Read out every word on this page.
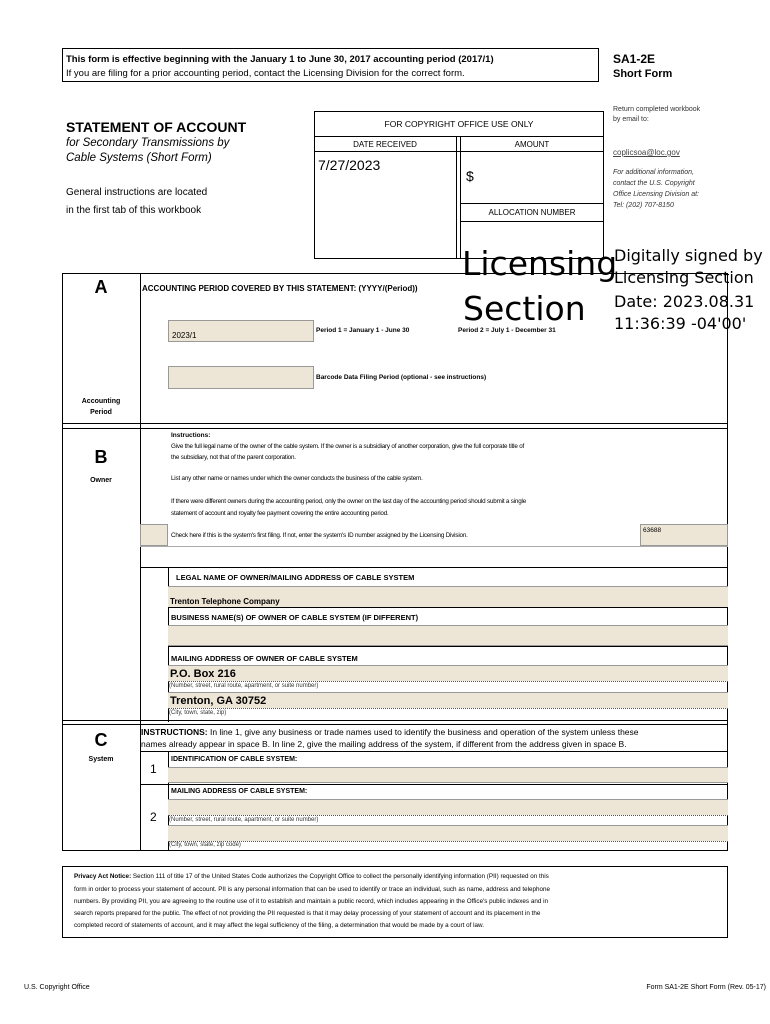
This form is effective beginning with the January 1 to June 30, 2017 accounting period (2017/1)
If you are filing for a prior accounting period, contact the Licensing Division for the correct form.
SA1-2E
Short Form
STATEMENT OF ACCOUNT
for Secondary Transmissions by
Cable Systems (Short Form)
General instructions are located
in the first tab of this workbook
FOR COPYRIGHT OFFICE USE ONLY
DATE RECEIVED	AMOUNT
7/27/2023
$
ALLOCATION NUMBER
Return completed workbook
by email to:
coplicsoa@loc.gov
For additional information,
contact the U.S. Copyright
Office Licensing Division at:
Tel: (202) 707-8150
A
Accounting
Period
ACCOUNTING PERIOD COVERED BY THIS STATEMENT: (YYYY/(Period))
2023/1
Period 1 = January 1 - June 30	Period 2 = July 1 - December 31
Barcode Data Filing Period (optional - see instructions)
B
Owner
Instructions:
Give the full legal name of the owner of the cable system. If the owner is a subsidiary of another corporation, give the full corporate title of
the subsidiary, not that of the parent corporation.
List any other name or names under which the owner conducts the business of the cable system.
If there were different owners during the accounting period, only the owner on the last day of the accounting period should submit a single
statement of account and royalty fee payment covering the entire accounting period.
Check here if this is the system's first filing. If not, enter the system's ID number assigned by the Licensing Division.
63688
LEGAL NAME OF OWNER/MAILING ADDRESS OF CABLE SYSTEM
Trenton Telephone Company
BUSINESS NAME(S) OF OWNER OF CABLE SYSTEM (IF DIFFERENT)
MAILING ADDRESS OF OWNER OF CABLE SYSTEM
P.O. Box 216
(Number, street, rural route, apartment, or suite number)
Trenton, GA 30752
(City, town, state, zip)
C
System
INSTRUCTIONS: In line 1, give any business or trade names used to identify the business and operation of the system unless these
names already appear in space B. In line 2, give the mailing address of the system, if different from the address given in space B.
1
IDENTIFICATION OF CABLE SYSTEM:
MAILING ADDRESS OF CABLE SYSTEM:
2 (Number, street, rural route, apartment, or suite number)
(City, town, state, zip code)
Licensing
Section
Digitally signed by
Licensing Section
Date: 2023.08.31
11:36:39 -04'00'
Privacy Act Notice: Section 111 of title 17 of the United States Code authorizes the Copyright Office to collect the personally identifying information (PII) requested on this
form in order to process your statement of account. PII is any personal information that can be used to identify or trace an individual, such as name, address and telephone
numbers. By providing PII, you are agreeing to the routine use of it to establish and maintain a public record, which includes appearing in the Office's public indexes and in
search reports prepared for the public. The effect of not providing the PII requested is that it may delay processing of your statement of account and its placement in the
completed record of statements of account, and it may affect the legal sufficiency of the filing, a determination that would be made by a court of law.
U.S. Copyright Office	Form SA1-2E Short Form (Rev. 05-17)
